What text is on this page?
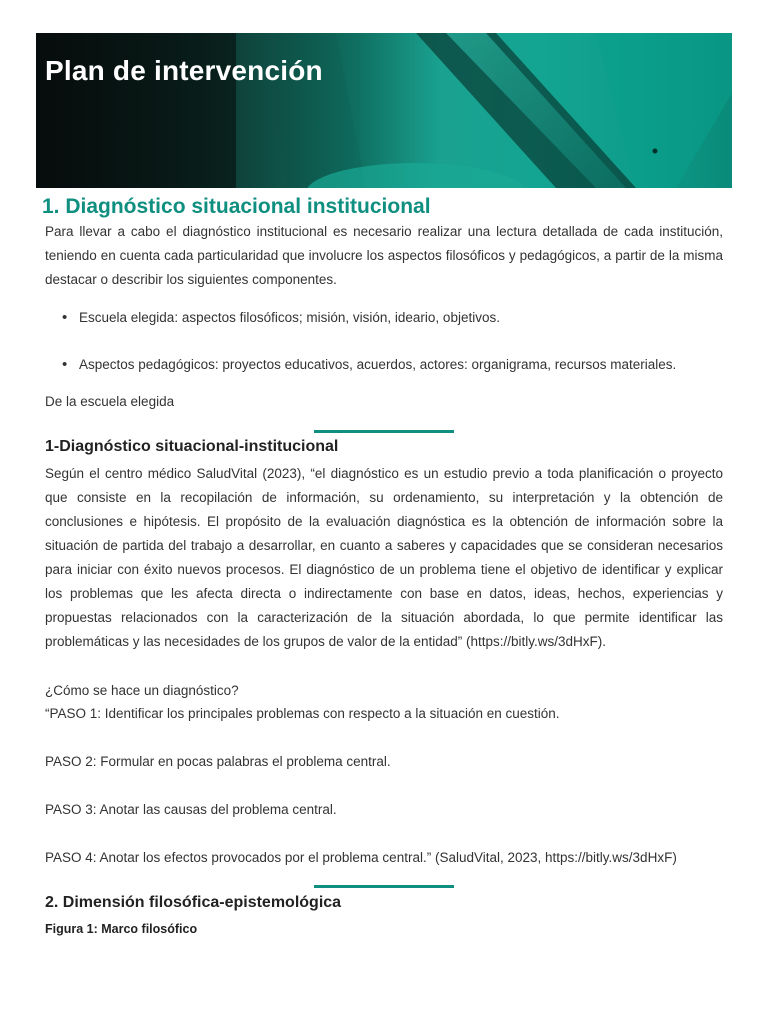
Plan de intervención
1. Diagnóstico situacional institucional

Para llevar a cabo el diagnóstico institucional es necesario realizar una lectura detallada de cada institución, teniendo en cuenta cada particularidad que involucre los aspectos filosóficos y pedagógicos, a partir de la misma destacar o describir los siguientes componentes.

• Escuela elegida: aspectos filosóficos; misión, visión, ideario, objetivos.
• Aspectos pedagógicos: proyectos educativos, acuerdos, actores: organigrama, recursos materiales.
De la escuela elegida
1-Diagnóstico situacional-institucional

Según el centro médico SaludVital (2023), “el diagnóstico es un estudio previo a toda planificación o proyecto que consiste en la recopilación de información, su ordenamiento, su interpretación y la obtención de conclusiones e hipótesis. El propósito de la evaluación diagnóstica es la obtención de información sobre la situación de partida del trabajo a desarrollar, en cuanto a saberes y capacidades que se consideran necesarios para iniciar con éxito nuevos procesos. El diagnóstico de un problema tiene el objetivo de identificar y explicar los problemas que les afecta directa o indirectamente con base en datos, ideas, hechos, experiencias y propuestas relacionados con la caracterización de la situación abordada, lo que permite identificar las problemáticas y las necesidades de los grupos de valor de la entidad” (https://bitly.ws/3dHxF).

¿Cómo se hace un diagnóstico?
“PASO 1: Identificar los principales problemas con respecto a la situación en cuestión.
PASO 2: Formular en pocas palabras el problema central.
PASO 3: Anotar las causas del problema central.
PASO 4: Anotar los efectos provocados por el problema central.” (SaludVital, 2023, https://bitly.ws/3dHxF)
2. Dimensión filosófica-epistemológica
Figura 1: Marco filosófico
